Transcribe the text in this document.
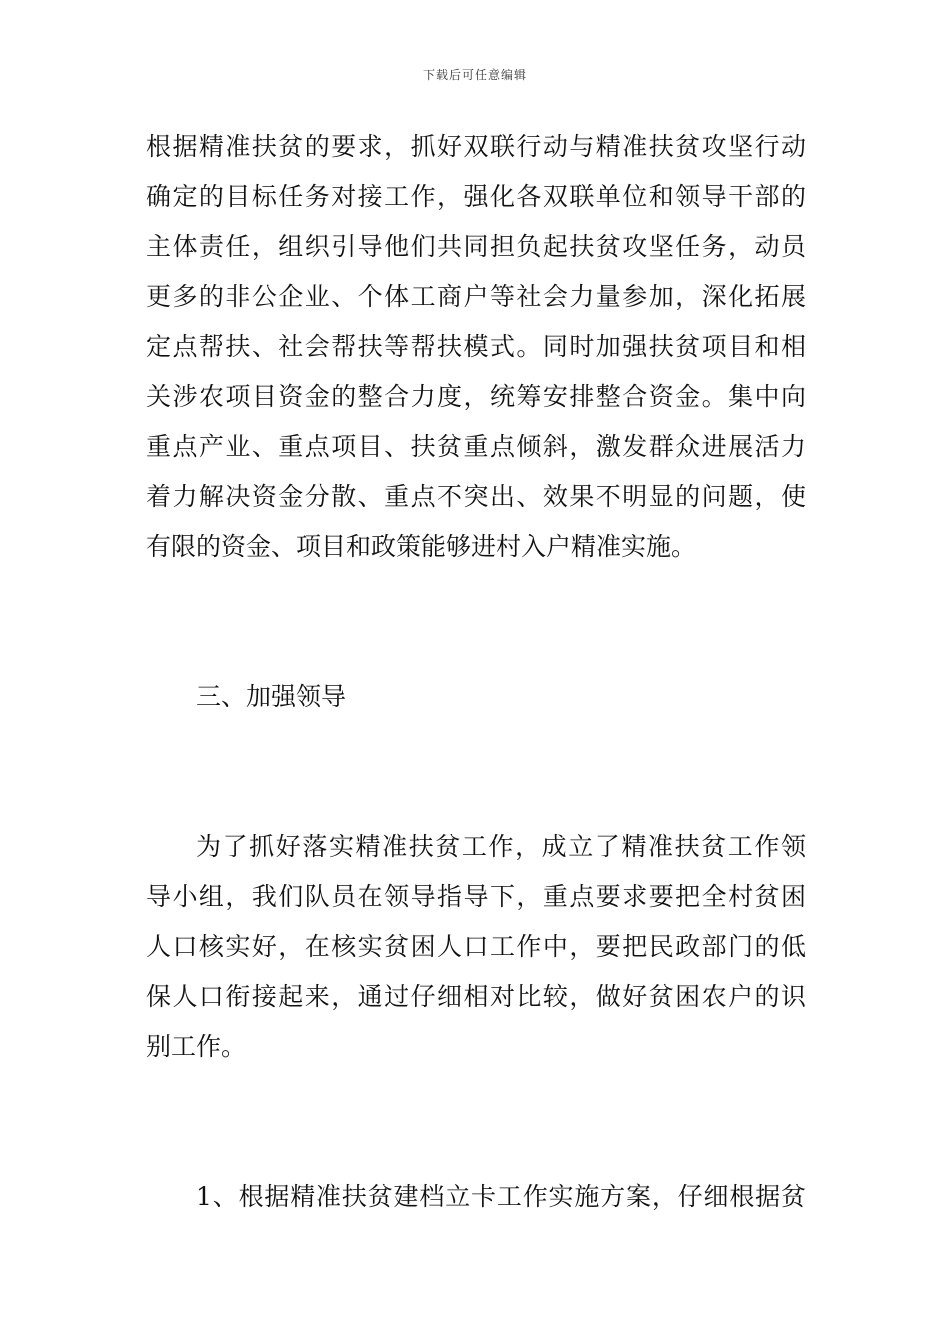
下载后可任意编辑
根据精准扶贫的要求，抓好双联行动与精准扶贫攻坚行动
确定的目标任务对接工作，强化各双联单位和领导干部的
主体责任，组织引导他们共同担负起扶贫攻坚任务，动员
更多的非公企业、个体工商户等社会力量参加，深化拓展
定点帮扶、社会帮扶等帮扶模式。同时加强扶贫项目和相
关涉农项目资金的整合力度，统筹安排整合资金。集中向
重点产业、重点项目、扶贫重点倾斜，激发群众进展活力
着力解决资金分散、重点不突出、效果不明显的问题，使
有限的资金、项目和政策能够进村入户精准实施。
三、加强领导
为了抓好落实精准扶贫工作，成立了精准扶贫工作领
导小组，我们队员在领导指导下，重点要求要把全村贫困
人口核实好，在核实贫困人口工作中，要把民政部门的低
保人口衔接起来，通过仔细相对比较，做好贫困农户的识
别工作。
1、根据精准扶贫建档立卡工作实施方案，仔细根据贫
